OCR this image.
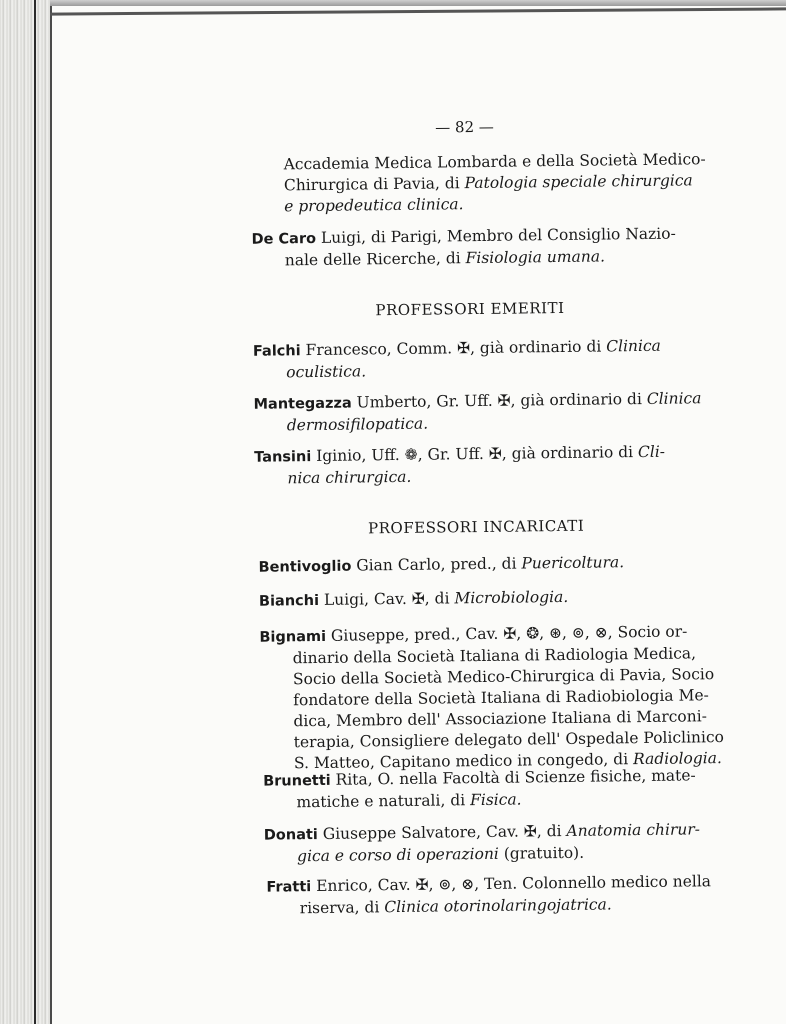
— 82 —
Accademia Medica Lombarda e della Società Medico-
Chirurgica di Pavia, di Patologia speciale chirurgica
e propedeutica clinica.
De Caro Luigi, di Parigi, Membro del Consiglio Nazio-
nale delle Ricerche, di Fisiologia umana.
PROFESSORI EMERITI
Falchi Francesco, Comm. ✠, già ordinario di Clinica
oculistica.
Mantegazza Umberto, Gr. Uff. ✠, già ordinario di Clinica
dermosifilopatica.
Tansini Iginio, Uff. ❁, Gr. Uff. ✠, già ordinario di Cli-
nica chirurgica.
PROFESSORI INCARICATI
Bentivoglio Gian Carlo, pred., di Puericoltura.
Bianchi Luigi, Cav. ✠, di Microbiologia.
Bignami Giuseppe, pred., Cav. ✠, ❂, ⊛, ⊚, ⊗, Socio or-
dinario della Società Italiana di Radiologia Medica,
Socio della Società Medico-Chirurgica di Pavia, Socio
fondatore della Società Italiana di Radiobiologia Me-
dica, Membro dell' Associazione Italiana di Marconi-
terapia, Consigliere delegato dell' Ospedale Policlinico
S. Matteo, Capitano medico in congedo, di Radiologia.
Brunetti Rita, O. nella Facoltà di Scienze fisiche, mate-
matiche e naturali, di Fisica.
Donati Giuseppe Salvatore, Cav. ✠, di Anatomia chirur-
gica e corso di operazioni (gratuito).
Fratti Enrico, Cav. ✠, ⊚, ⊗, Ten. Colonnello medico nella
riserva, di Clinica otorinolaringojatrica.
